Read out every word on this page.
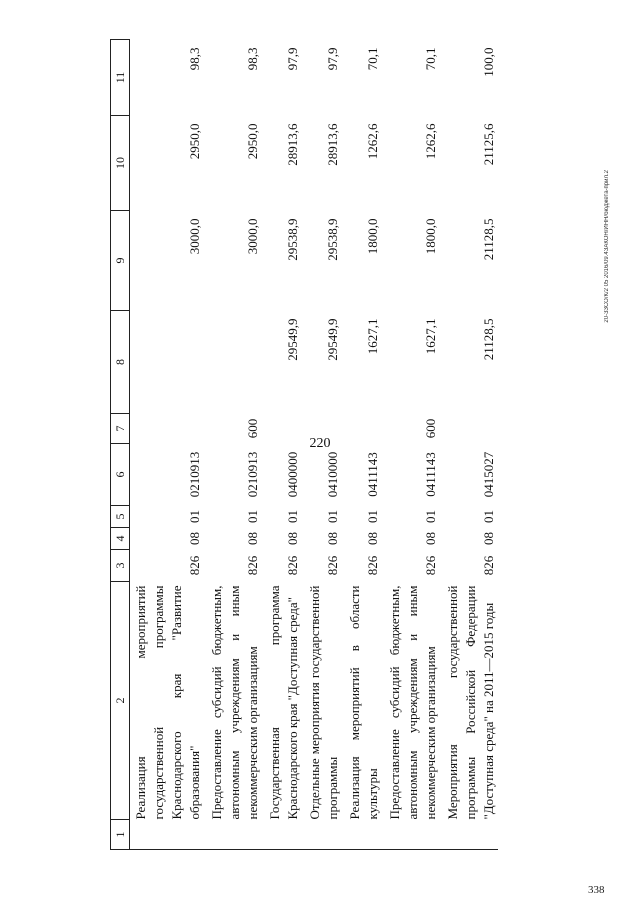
220
338
20-3ЗСО/К/2 05 2016/09.4ЗАКОН/ИНН/бюджета-прил.2
1	2	3	4	5	6	7	8	9	10	11
	Реализация мероприятий государственной программы Краснодарского края "Развитие образования"	826	08	01	0210913			3000,0	2950,0	98,3
	Предоставление субсидий бюджетным, автономным учреждениям и иным некоммерческим организациям	826	08	01	0210913	600		3000,0	2950,0	98,3
	Государственная программа Краснодарского края "Доступная среда"	826	08	01	0400000		29549,9	29538,9	28913,6	97,9
	Отдельные мероприятия государственной программы	826	08	01	0410000		29549,9	29538,9	28913,6	97,9
	Реализация мероприятий в области культуры	826	08	01	0411143		1627,1	1800,0	1262,6	70,1
	Предоставление субсидий бюджетным, автономным учреждениям и иным некоммерческим организациям	826	08	01	0411143	600	1627,1	1800,0	1262,6	70,1
	Мероприятия государственной программы Российской Федерации "Доступная среда" на 2011—2015 годы	826	08	01	0415027		21128,5	21128,5	21125,6	100,0
